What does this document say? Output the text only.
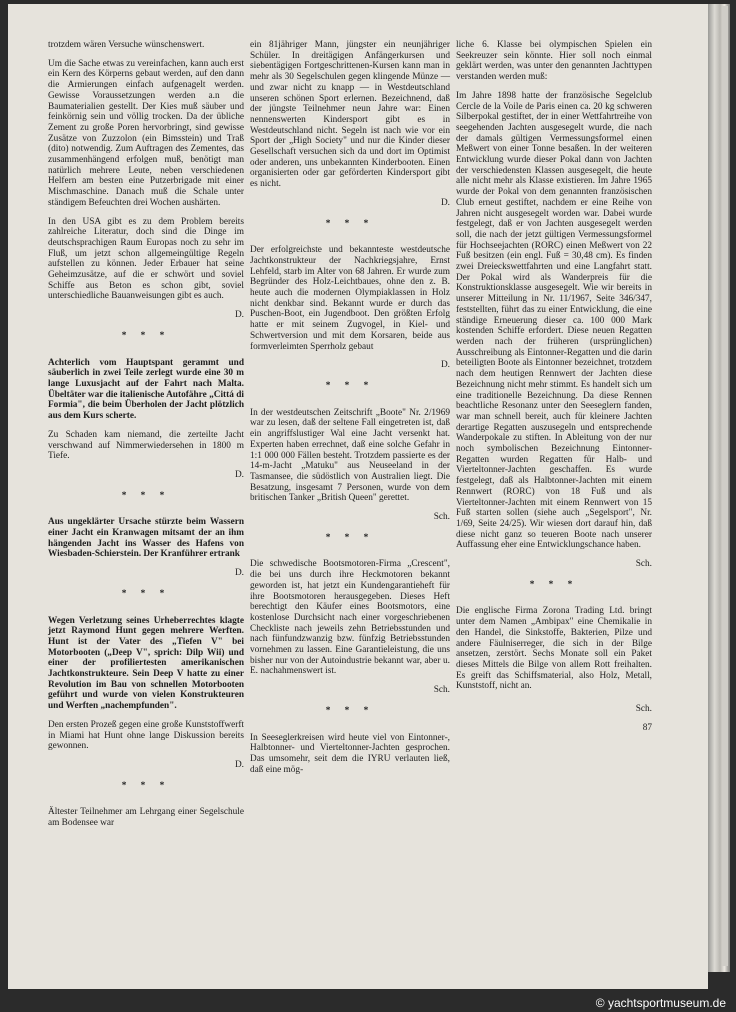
trotzdem wären Versuche wünschenswert.

Um die Sache etwas zu vereinfachen, kann auch erst ein Kern des Körperns gebaut werden, auf den dann die Armierungen einfach aufgenagelt werden. Gewisse Voraussetzungen werden a.n die Baumaterialien gestellt. Der Kies muß säuber und feinkörnig sein und völlig trocken. Da der übliche Zement zu große Poren hervorbringt, sind gewisse Zusätze von Zuzzolon (ein Bimsstein) und Traß (dito) notwendig. Zum Auftragen des Zementes, das zusammenhängend erfolgen muß, benötigt man natürlich mehrere Leute, neben verschiedenen Helfern am besten eine Putzerbrigade mit einer Mischmaschine. Danach muß die Schale unter ständigem Befeuchten drei Wochen aushärten.

In den USA gibt es zu dem Problem bereits zahlreiche Literatur, doch sind die Dinge im deutschsprachigen Raum Europas noch zu sehr im Fluß, um jetzt schon allgemeingültige Regeln aufstellen zu können. Jeder Erbauer hat seine Geheimzusätze, auf die er schwört und soviel Schiffe aus Beton es schon gibt, soviel unterschiedliche Bauanweisungen gibt es auch.

D.
* * *

Achterlich vom Hauptspant gerammt und säuberlich in zwei Teile zerlegt wurde eine 30 m lange Luxusjacht auf der Fahrt nach Malta. Übeltäter war die italienische Autofähre „Cittá di Formia", die beim Überholen der Jacht plötzlich aus dem Kurs scherte.

Zu Schaden kam niemand, die zerteilte Jacht verschwand auf Nimmerwiedersehen in 1800 m Tiefe.

D.
* * *

Aus ungeklärter Ursache stürzte beim Wassern einer Jacht ein Kranwagen mitsamt der an ihm hängenden Jacht ins Wasser des Hafens von Wiesbaden-Schierstein. Der Kranführer ertrank

D.
* * *

Wegen Verletzung seines Urheberrechtes klagte jetzt Raymond Hunt gegen mehrere Werften. Hunt ist der Vater des „Tiefen V" bei Motorbooten („Deep V", sprich: Dilp Wii) und einer der profiliertesten amerikanischen Jachtkonstrukteure. Sein Deep V hatte zu einer Revolution im Bau von schnellen Motorbooten geführt und wurde von vielen Konstrukteuren und Werften „nachempfunden".

Den ersten Prozeß gegen eine große Kunststoffwerft in Miami hat Hunt ohne lange Diskussion bereits gewonnen.

D.
* * *

Ältester Teilnehmer am Lehrgang einer Segelschule am Bodensee war

ein 81jähriger Mann, jüngster ein neunjähriger Schüler. In dreitägigen Anfängerkursen und siebentägigen Fortgeschrittenen-Kursen kann man in mehr als 30 Segelschulen gegen klingende Münze — und zwar nicht zu knapp — in Westdeutschland unseren schönen Sport erlernen. Bezeichnend, daß der jüngste Teilnehmer neun Jahre war: Einen nennenswerten Kindersport gibt es in Westdeutschland nicht. Segeln ist nach wie vor ein Sport der „High Society" und nur die Kinder dieser Gesellschaft versuchen sich da und dort im Optimist oder anderen, uns unbekannten Kinderbooten. Einen organisierten oder gar geförderten Kindersport gibt es nicht.

D.
* * *

Der erfolgreichste und bekannteste westdeutsche Jachtkonstrukteur der Nachkriegsjahre, Ernst Lehfeld, starb im Alter von 68 Jahren. Er wurde zum Begründer des Holz-Leichtbaues, ohne den z. B. heute auch die modernen Olympiaklassen in Holz nicht denkbar sind. Bekannt wurde er durch das Puschen-Boot, ein Jugendboot. Den größten Erfolg hatte er mit seinem Zugvogel, in Kiel- und Schwertversion und mit dem Korsaren, beide aus formverleimten Sperrholz gebaut

D.
* * *

In der westdeutschen Zeitschrift „Boote" Nr. 2/1969 war zu lesen, daß der seltene Fall eingetreten ist, daß ein angriffslustiger Wal eine Jacht versenkt hat. Experten haben errechnet, daß eine solche Gefahr in 1:1 000 000 Fällen besteht. Trotzdem passierte es der 14-m-Jacht „Matuku" aus Neuseeland in der Tasmansee, die südöstlich von Australien liegt. Die Besatzung, insgesamt 7 Personen, wurde von dem britischen Tanker „British Queen" gerettet.

Sch.
* * *

Die schwedische Bootsmotoren-Firma „Crescent", die bei uns durch ihre Heckmotoren bekannt geworden ist, hat jetzt ein Kundengarantieheft für ihre Bootsmotoren herausgegeben. Dieses Heft berechtigt den Käufer eines Bootsmotors, eine kostenlose Durchsicht nach einer vorgeschriebenen Checkliste nach jeweils zehn Betriebsstunden und nach fünfundzwanzig bzw. fünfzig Betriebsstunden vornehmen zu lassen. Eine Garantieleistung, die uns bisher nur von der Autoindustrie bekannt war, aber u. E. nachahmenswert ist.

Sch.
* * *

In Seeseglerkreisen wird heute viel von Eintonner-, Halbtonner- und Vierteltonner-Jachten gesprochen. Das umsomehr, seit dem die IYRU verlauten ließ, daß eine mög-

liche 6. Klasse bei olympischen Spielen ein Seekreuzer sein könnte. Hier soll noch einmal geklärt werden, was unter den genannten Jachttypen verstanden werden muß:

Im Jahre 1898 hatte der französische Segelclub Cercle de la Voile de Paris einen ca. 20 kg schweren Silberpokal gestiftet, der in einer Wettfahrtreihe von seegehenden Jachten ausgesegelt wurde, die nach der damals gültigen Vermessungsformel einen Meßwert von einer Tonne besaßen. In der weiteren Entwicklung wurde dieser Pokal dann von Jachten der verschiedensten Klassen ausgesegelt, die heute alle nicht mehr als Klasse existieren. Im Jahre 1965 wurde der Pokal von dem genannten französischen Club erneut gestiftet, nachdem er eine Reihe von Jahren nicht ausgesegelt worden war. Dabei wurde festgelegt, daß er von Jachten ausgesegelt werden soll, die nach der jetzt gültigen Vermessungsformel für Hochseejachten (RORC) einen Meßwert von 22 Fuß besitzen (ein engl. Fuß = 30,48 cm). Es finden zwei Dreieckswettfahrten und eine Langfahrt statt. Der Pokal wird als Wanderpreis für die Konstruktionsklasse ausgesegelt. Wie wir bereits in unserer Mitteilung in Nr. 11/1967, Seite 346/347, feststellten, führt das zu einer Entwicklung, die eine ständige Erneuerung dieser ca. 100 000 Mark kostenden Schiffe erfordert. Diese neuen Regatten werden nach der früheren (ursprünglichen) Ausschreibung als Eintonner-Regatten und die darin beteiligten Boote als Eintonner bezeichnet, trotzdem nach dem heutigen Rennwert der Jachten diese Bezeichnung nicht mehr stimmt. Es handelt sich um eine traditionelle Bezeichnung. Da diese Rennen beachtliche Resonanz unter den Seeseglern fanden, war man schnell bereit, auch für kleinere Jachten derartige Regatten auszusegeln und entsprechende Wanderpokale zu stiften. In Ableitung von der nur noch symbolischen Bezeichnung Eintonner-Regatten wurden Regatten für Halb- und Vierteltonner-Jachten geschaffen. Es wurde festgelegt, daß als Halbtonner-Jachten mit einem Rennwert (RORC) von 18 Fuß und als Vierteltonner-Jachten mit einem Rennwert von 15 Fuß starten sollen (siehe auch „Segelsport", Nr. 1/69, Seite 24/25). Wir wiesen dort darauf hin, daß diese nicht ganz so teueren Boote nach unserer Auffassung eher eine Entwicklungschance haben.

Sch.
* * *

Die englische Firma Zorona Trading Ltd. bringt unter dem Namen „Ambipax" eine Chemikalie in den Handel, die Sinkstoffe, Bakterien, Pilze und andere Fäulniserreger, die sich in der Bilge ansetzen, zerstört. Sechs Monate soll ein Paket dieses Mittels die Bilge von allem Rott freihalten. Es greift das Schiffsmaterial, also Holz, Metall, Kunststoff, nicht an.

Sch.
87
© yachtsportmuseum.de
